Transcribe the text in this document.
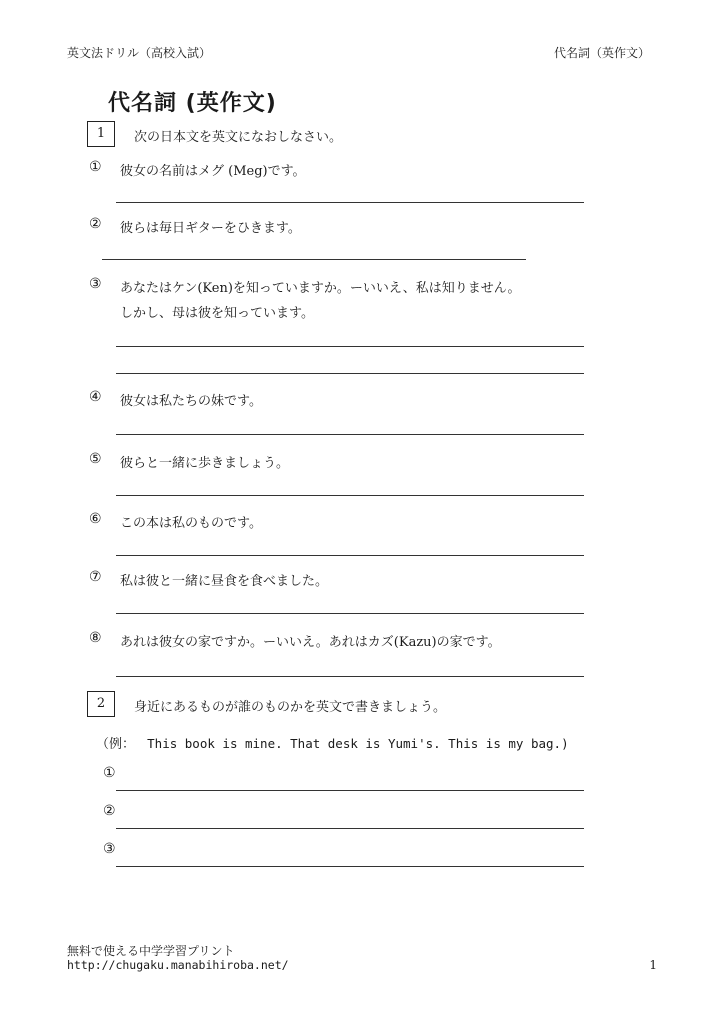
英文法ドリル（高校入試）	代名詞（英作文）
代名詞 (英作文)
1	次の日本文を英文になおしなさい。
① 彼女の名前はメグ (Meg)です。
② 彼らは毎日ギターをひきます。
③ あなたはケン(Ken)を知っていますか。ーいいえ、私は知りません。
しかし、母は彼を知っています。
④ 彼女は私たちの妹です。
⑤ 彼らと一緒に歩きましょう。
⑥ この本は私のものです。
⑦ 私は彼と一緒に昼食を食べました。
⑧ あれは彼女の家ですか。ーいいえ。あれはカズ(Kazu)の家です。
2	身近にあるものが誰のものかを英文で書きましょう。
（例： This book is mine. That desk is Yumi's. This is my bag.)
①
②
③
無料で使える中学学習プリント
http://chugaku.manabihiroba.net/	1
